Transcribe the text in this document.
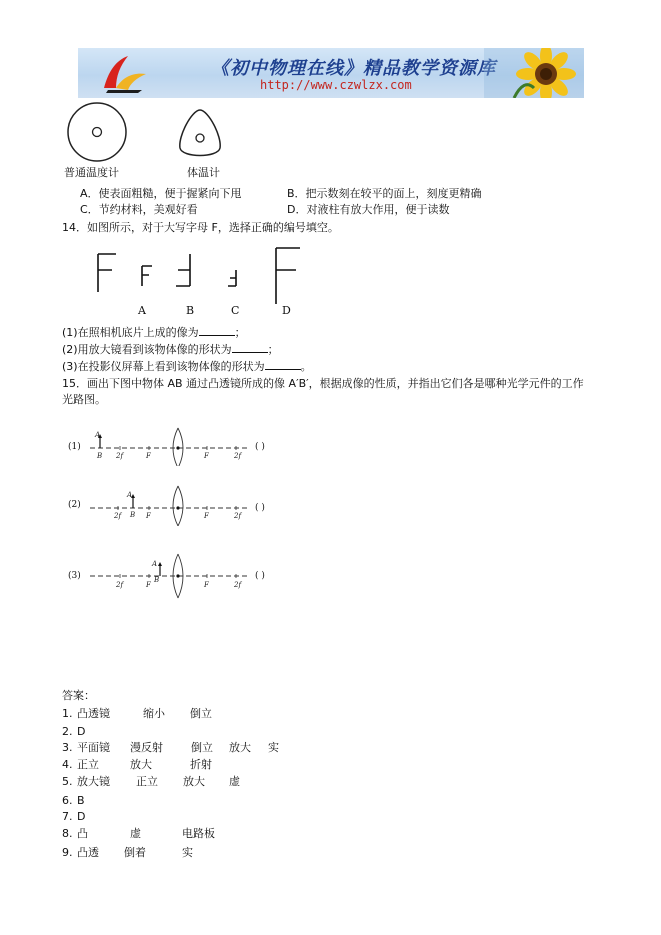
《初中物理在线》精品教学资源库
http://www.czwlzx.com
普通温度计	体温计
A．使表面粗糙，便于握紧向下甩	B．把示数刻在较平的面上，刻度更精确
C．节约材料，美观好看	D．对液柱有放大作用，便于读数
14．如图所示，对于大写字母 F，选择正确的编号填空。
A	B	C	D
(1)在照相机底片上成的像为	；
(2)用放大镜看到该物体像的形状为	；
(3)在投影仪屏幕上看到该物体像的形状为	。
15．画出下图中物体 AB 通过凸透镜所成的像 A′B′，根据成像的性质，并指出它们各是哪种光学元件的工作
光路图。
(1)
A
B 2f	F	F	2f
( )
(2)
A
B
2f	F	F	2f
( )
(3)
A
B
2f	F	F	2f
( )
答案：
1. 凸透镜	缩小 倒立
2. D
3. 平面镜 漫反射	倒立 放大 实
4. 正立	放大	折射
5. 放大镜 正立 放大 虚
6. B
7. D
8. 凸	虚	电路板
9. 凸透 倒着	实
